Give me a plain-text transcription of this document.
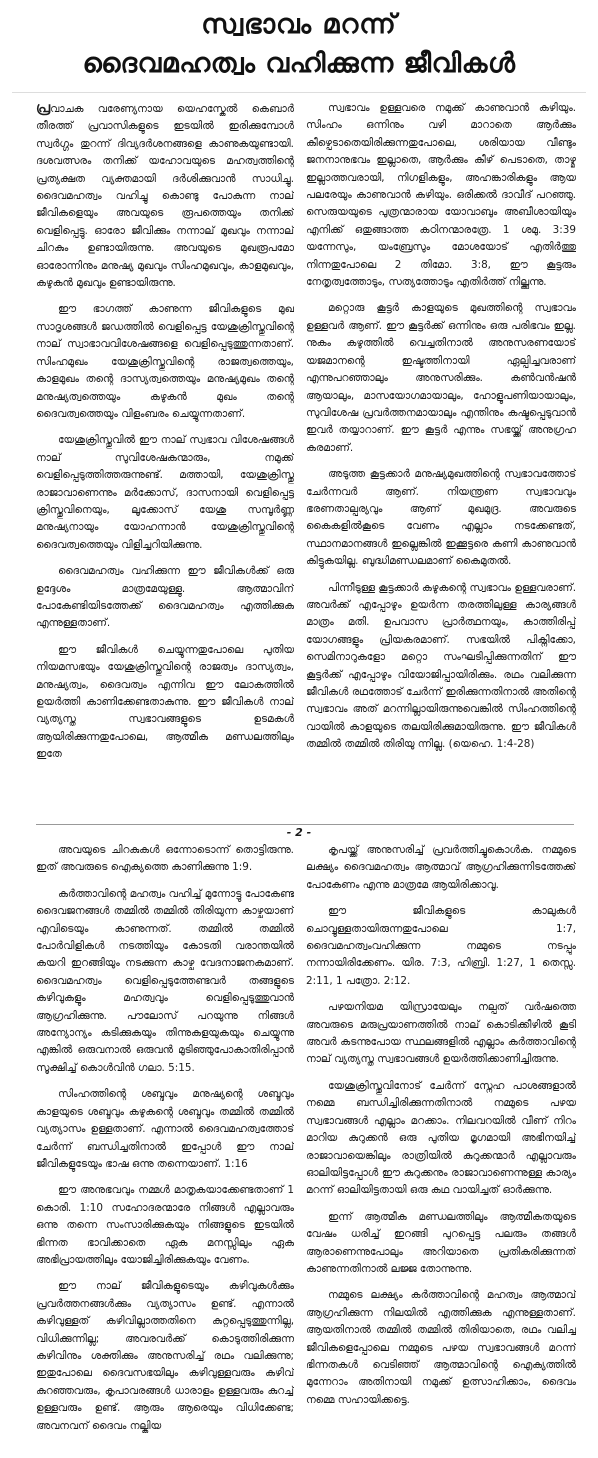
സ്വഭാവം മറന്ന്
ദൈവമഹത്വം വഹിക്കുന്ന ജീവികൾ

പ്രവാചക വരേണ്യനായ യെഹസ്കേൽ കെബാർ തീരത്ത് പ്രവാസികളുടെ ഇടയിൽ ഇരിക്കുമ്പോൾ സ്വർഗ്ഗം തുറന്ന് ദിവ്യദർശനങ്ങളെ കാണുകയുണ്ടായി. ദശവത്സരം തനിക്ക് യഹോവയുടെ മഹത്വത്തിന്റെ പ്രത്യക്ഷത വ്യക്തമായി ദർശിക്കുവാൻ സാധിച്ചു. ദൈവമഹത്വം വഹിച്ചു കൊണ്ടു പോകുന്ന നാല് ജീവികളെയും അവയുടെ രൂപത്തെയും തനിക്ക് വെളിപ്പെട്ടു. ഓരോ ജീവിക്കും നന്നാല് മുഖവും നന്നാല് ചിറകും ഉണ്ടായിരുന്നു. അവയുടെ മുഖരൂപമോ ഓരോന്നിനും മനുഷ്യ മുഖവും സിംഹമുഖവും, കാളമുഖവും, കഴുകൻ മുഖവും ഉണ്ടായിരുന്നു.

ഈ ഭാഗത്ത് കാണുന്ന ജീവികളുടെ മുഖ സാദൃശങ്ങൾ ജഡത്തിൽ വെളിപ്പെട്ട യേശുക്രിസ്തുവിന്റെ നാല് സ്വാഭാവവിശേഷങ്ങളെ വെളിപ്പെടുത്തുന്നതാണ്. സിംഹമുഖം യേശുക്രിസ്തുവിന്റെ രാജത്വത്തെയും, കാളമുഖം തന്റെ ദാസ്യത്വത്തെയും മനുഷ്യമുഖം തന്റെ മനുഷ്യത്വത്തെയും കഴുകൻ മുഖം തന്റെ ദൈവത്വത്തെയും വിളംബരം ചെയ്യുന്നതാണ്.

യേശുക്രിസ്തുവിൽ ഈ നാല് സ്വഭാവ വിശേഷങ്ങൾ നാല് സുവിശേഷകന്മാരും, നമുക്ക് വെളിപ്പെടുത്തിത്തരുന്നുണ്ട്. മത്തായി, യേശുക്രിസ്തു രാജാവാണെന്നും മർക്കോസ്, ദാസനായി വെളിപ്പെട്ട ക്രിസ്തുവിനെയും, ലൂക്കോസ് യേശു സമ്പൂർണ്ണ മനുഷ്യനായും യോഹന്നാൻ യേശുക്രിസ്തുവിന്റെ ദൈവത്വത്തെയും വിളിച്ചറിയിക്കുന്നു.

ദൈവമഹത്വം വഹിക്കുന്ന ഈ ജീവികൾക്ക് ഒരു ഉദ്ദേശം മാത്രമേയുള്ളു. ആത്മാവിന് പോകേണ്ടിയിടത്തേക്ക് ദൈവമഹത്വം എത്തിക്കുക എന്നുള്ളതാണ്.

ഈ ജീവികൾ ചെയ്യുന്നതുപോലെ പുതിയ നിയമസഭയും യേശുക്രിസ്തുവിന്റെ രാജത്വം ദാസ്യത്വം, മനുഷ്യത്വം, ദൈവത്വം എന്നിവ ഈ ലോകത്തിൽ ഉയർത്തി കാണിക്കേണ്ടതാകുന്നു. ഈ ജീവികൾ നാല് വ്യത്യസ്ത സ്വഭാവങ്ങളുടെ ഉടമകൾ ആയിരിക്കുന്നതുപോലെ, ആത്മീക മണ്ഡലത്തിലും ഇതേ

സ്വഭാവം ഉള്ളവരെ നമുക്ക് കാണുവാൻ കഴിയും. സിംഹം ഒന്നിനും വഴി മാറാതെ ആർക്കും കീഴ്പെടാതെയിരിക്കുന്നതുപോലെ, ശരിയായ വീണ്ടും ജനനാനുഭവം ഇല്ലാതെ, ആർക്കും കീഴ് പെടാതെ, താഴ്മ ഇല്ലാത്തവരായി, നിഗളികളും, അഹങ്കാരികളും ആയ പലരേയും കാണുവാൻ കഴിയും. ഒരിക്കൽ ദാവീദ് പറഞ്ഞു. സെരുയയുടെ പുത്രന്മാരായ യോവാബും അബീശായിയും എനിക്ക് ഒതുങ്ങാത്ത കഠിനന്മാരത്രേ. 1 ശമു. 3:39 യന്നേസും, യംബ്രേസും മോശയോട് എതിർത്തു നിന്നതുപോലെ 2 തിമോ. 3:8, ഈ കൂട്ടരും നേതൃത്വത്തോടും, സത്യത്തോടും എതിർത്ത് നില്ക്കുന്നു.

മറ്റൊരു കൂട്ടർ കാളയുടെ മുഖത്തിന്റെ സ്വഭാവം ഉള്ളവർ ആണ്. ഈ കൂട്ടർക്ക് ഒന്നിനും ഒരു പരിഭവം ഇല്ല. നുകം കഴുത്തിൽ വെച്ചതിനാൽ അനുസരണയോട് യജമാനന്റെ ഇഷ്ടത്തിനായി ഏല്പിച്ചവരാണ് എന്നുപറഞ്ഞാലും അനുസരിക്കും. കൺവൻഷൻ ആയാലും, മാസയോഗമായാലും, ഹോളുപണിയായാലും, സുവിശേഷ പ്രവർത്തനമായാലും എന്തിനും കഷ്ടപ്പെടുവാൻ ഇവർ തയ്യാറാണ്. ഈ കൂട്ടർ എന്നും സഭയ്ക്ക് അനുഗ്രഹ കരമാണ്.

അടുത്ത കൂട്ടക്കാർ മനുഷ്യമുഖത്തിന്റെ സ്വഭാവത്തോട് ചേർന്നവർ ആണ്. നിയന്ത്രണ സ്വഭാവവും ഭരണതാല്പര്യവും ആണ് മുഖമുദ്ര. അവരുടെ കൈകളിൽകൂടെ വേണം എല്ലാം നടക്കേണ്ടത്, സ്ഥാനമാനങ്ങൾ ഇല്ലെങ്കിൽ ഇക്കൂട്ടരെ കണി കാണുവാൻ കിട്ടുകയില്ല. ബുദ്ധിമണ്ഡലമാണ് കൈമുതൽ.

പിന്നീടുള്ള കൂട്ടക്കാർ കഴുകന്റെ സ്വഭാവം ഉള്ളവരാണ്. അവർക്ക് എപ്പോഴും ഉയർന്ന തരത്തിലുള്ള കാര്യങ്ങൾ മാത്രം മതി. ഉപവാസ പ്രാർത്ഥനയും, കാത്തിരിപ്പ് യോഗങ്ങളും പ്രിയകരമാണ്. സഭയിൽ പിക്നിക്കോ, സെമിനാറുകളോ മറ്റൊ സംഘടിപ്പിക്കുന്നതിന് ഈ കൂട്ടർക്ക് എപ്പോഴും വിയോജിപ്പായിരിക്കും. രഥം വലിക്കുന്ന ജീവികൾ രഥത്തോട് ചേർന്ന് ഇരിക്കുന്നതിനാൽ അതിന്റെ സ്വഭാവം അത് മറന്നില്ലായിരുന്നുവെങ്കിൽ സിംഹത്തിന്റെ വായിൽ കാളയുടെ തലയിരിക്കുമായിരുന്നു. ഈ ജീവികൾ തമ്മിൽ തമ്മിൽ തിരിയു ന്നില്ല. (യെഹെ. 1:4-28)

- 2 -

അവയുടെ ചിറകുകൾ ഒന്നോടൊന്ന് തൊട്ടിരുന്നു. ഇത് അവരുടെ ഐക്യത്തെ കാണിക്കുന്നു 1:9.

കർത്താവിന്റെ മഹത്വം വഹിച്ച് മുന്നോട്ടു പോകേണ്ട ദൈവജനങ്ങൾ തമ്മിൽ തമ്മിൽ തിരിയുന്ന കാഴ്ചയാണ് എവിടെയും കാണുന്നത്. തമ്മിൽ തമ്മിൽ പോർവിളികൾ നടത്തിയും കോടതി വരാന്തയിൽ കയറി ഇറങ്ങിയും നടക്കുന്ന കാഴ്ച വേദനാജനകമാണ്. ദൈവമഹത്വം വെളിപ്പെടുത്തേണ്ടവർ തങ്ങളുടെ കഴിവുകളും മഹത്വവും വെളിപ്പെടുത്തുവാൻ ആഗ്രഹിക്കുന്നു. പൗലോസ് പറയുന്നു നിങ്ങൾ അന്യോന്യം കടിക്കുകയും തിന്നുകളയുകയും ചെയ്യുന്നു എങ്കിൽ ഒരുവനാൽ ഒരുവൻ മുടിഞ്ഞുപോകാതിരിപ്പാൻ സൂക്ഷിച്ച് കൊൾവിൻ ഗലാ. 5:15.

സിംഹത്തിന്റെ ശബ്ദവും മനുഷ്യന്റെ ശബ്ദവും കാളയുടെ ശബ്ദവും കഴുകന്റെ ശബ്ദവും തമ്മിൽ തമ്മിൽ വ്യത്യാസം ഉള്ളതാണ്. എന്നാൽ ദൈവമഹത്വത്തോട് ചേർന്ന് ബന്ധിച്ചതിനാൽ ഇപ്പോൾ ഈ നാല് ജീവികളുടേയും ഭാഷ ഒന്നു തന്നെയാണ്. 1:16

ഈ അനുഭവവും നമ്മൾ മാതൃകയാക്കേണ്ടതാണ് 1 കൊരി. 1:10 സഹോദരന്മാരേ നിങ്ങൾ എല്ലാവരും ഒന്നു തന്നെ സംസാരിക്കുകയും നിങ്ങളുടെ ഇടയിൽ ഭിന്നത ഭാവിക്കാതെ ഏക മനസ്സിലും ഏക അഭിപ്രായത്തിലും യോജിച്ചിരിക്കുകയും വേണം.

ഈ നാല് ജീവികളുടെയും കഴിവുകൾക്കും പ്രവർത്തനങ്ങൾക്കും വ്യത്യാസം ഉണ്ട്. എന്നാൽ കഴിവുള്ളത് കഴിവില്ലാത്തതിനെ കുറ്റപ്പെടുത്തുന്നില്ല, വിധിക്കുന്നില്ല; അവരവർക്ക് കൊടുത്തിരിക്കുന്ന കഴിവിനും ശക്തിക്കും അനുസരിച്ച് രഥം വലിക്കുന്നു; ഇതുപോലെ ദൈവസഭയിലും കഴിവുള്ളവരും കഴിവ് കുറഞ്ഞവരും, കൃപാവരങ്ങൾ ധാരാളം ഉള്ളവരും കുറച്ച് ഉള്ളവരും ഉണ്ട്. ആരും ആരെയും വിധിക്കേണ്ട; അവനവന് ദൈവം നല്കിയ

കൃപയ്ക്ക് അനുസരിച്ച് പ്രവർത്തിച്ചുകൊൾക. നമ്മുടെ ലക്ഷ്യം ദൈവമഹത്വം ആത്മാവ് ആഗ്രഹിക്കുന്നിടത്തേക്ക് പോകേണം എന്നു മാത്രമേ ആയിരിക്കാവൂ.

ഈ ജീവികളുടെ കാലുകൾ ചൊവ്വുള്ളതായിരുന്നതുപോലെ 1:7, ദൈവമഹത്വംവഹിക്കുന്ന നമ്മുടെ നടപ്പും നന്നായിരിക്കേണം. യിര. 7:3, ഹിബ്രി. 1:27, 1 തെസ്സ. 2:11, 1 പത്രോ. 2:12.

പഴയനിയമ യിസ്രായേലും നല്പത് വർഷത്തെ അവരുടെ മരുപ്രയാണത്തിൽ നാല് കൊടിക്കീഴിൽ കൂടി അവർ കടന്നുപോയ സ്ഥലങ്ങളിൽ എല്ലാം കർത്താവിന്റെ നാല് വ്യത്യസ്ത സ്വഭാവങ്ങൾ ഉയർത്തിക്കാണിച്ചിരുന്നു.

യേശുക്രിസ്തുവിനോട് ചേർന്ന് സ്നേഹ പാശങ്ങളാൽ നമ്മെ ബന്ധിച്ചിരിക്കുന്നതിനാൽ നമ്മുടെ പഴയ സ്വഭാവങ്ങൾ എല്ലാം മറക്കാം. നിലവറയിൽ വീണ് നിറം മാറിയ കുറുക്കൻ ഒരു പുതിയ മൃഗമായി അഭിനയിച്ച് രാജാവായെങ്കിലും രാത്രിയിൽ കുറുക്കന്മാർ എല്ലാവരും ഓലിയിട്ടപ്പോൾ ഈ കുറുക്കനും രാജാവാണെന്നുള്ള കാര്യം മറന്ന് ഓലിയിട്ടതായി ഒരു കഥ വായിച്ചത് ഓർക്കുന്നു.

ഇന്ന് ആത്മീക മണ്ഡലത്തിലും ആത്മീകതയുടെ വേഷം ധരിച്ച് ഇറങ്ങി പുറപ്പെട്ട പലരും തങ്ങൾ ആരാണെന്നുപോലും അറിയാതെ പ്രതികരിക്കുന്നത് കാണുന്നതിനാൽ ലജ്ജ തോന്നുന്നു.

നമ്മുടെ ലക്ഷ്യം കർത്താവിന്റെ മഹത്വം ആത്മാവ് ആഗ്രഹിക്കുന്ന നിലയിൽ എത്തിക്കുക എന്നുള്ളതാണ്. ആയതിനാൽ തമ്മിൽ തമ്മിൽ തിരിയാതെ, രഥം വലിച്ച ജീവികളെപ്പോലെ നമ്മുടെ പഴയ സ്വഭാവങ്ങൾ മറന്ന് ഭിന്നതകൾ വെടിഞ്ഞ് ആത്മാവിന്റെ ഐക്യത്തിൽ മുന്നേറാം അതിനായി നമുക്ക് ഉത്സാഹിക്കാം, ദൈവം നമ്മെ സഹായിക്കട്ടെ.
